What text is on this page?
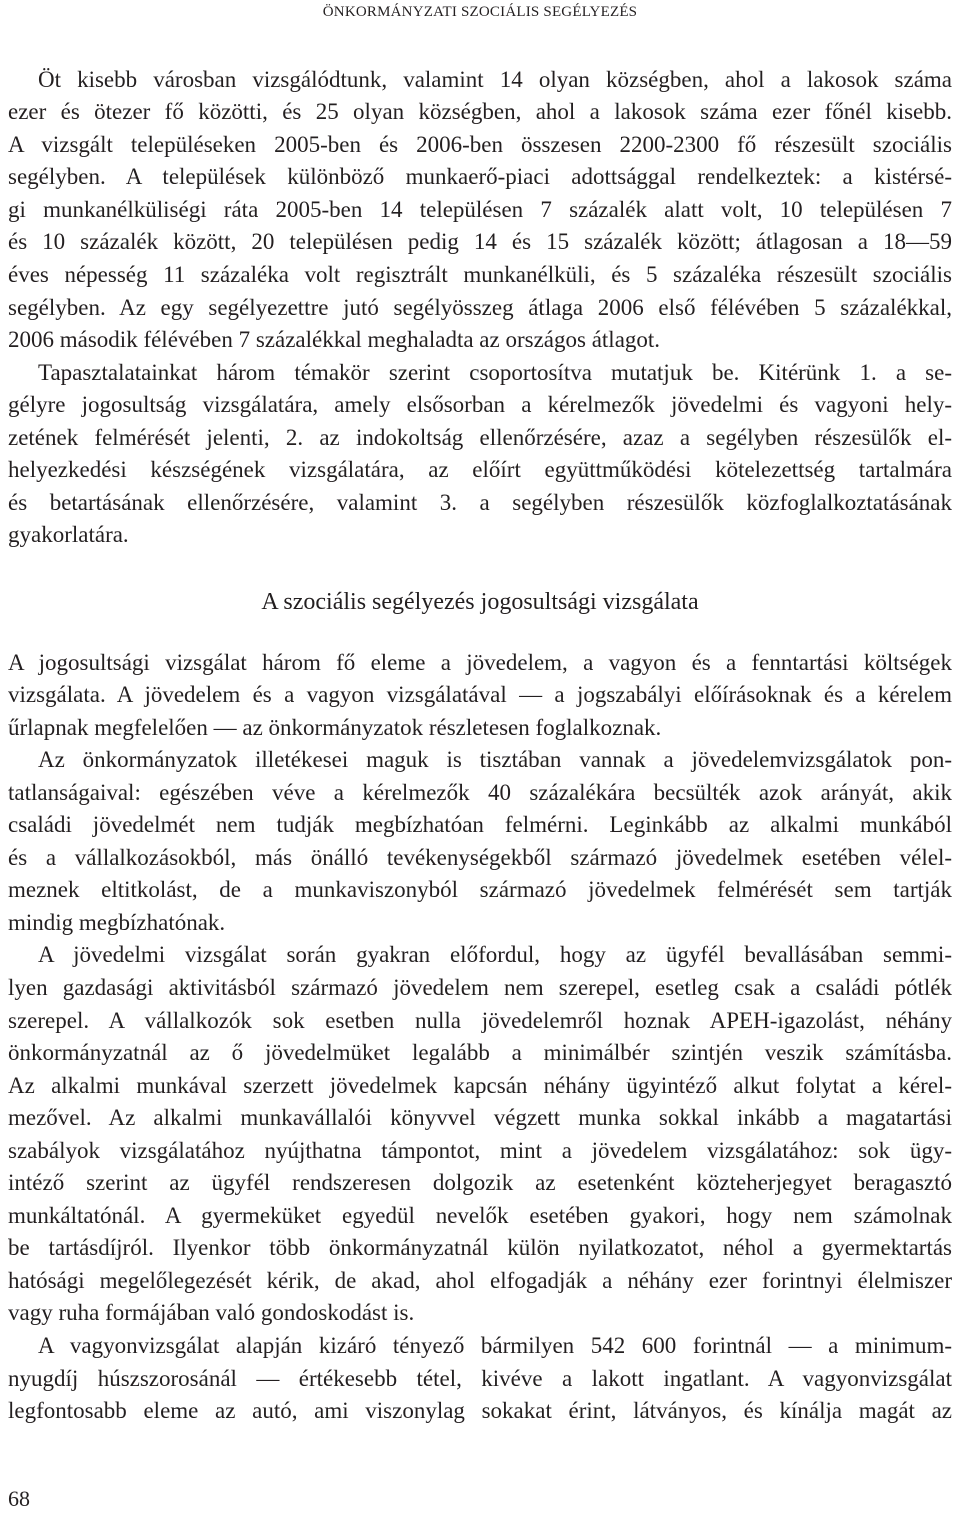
ÖNKORMÁNYZATI SZOCIÁLIS SEGÉLYEZÉS
Öt kisebb városban vizsgálódtunk, valamint 14 olyan községben, ahol a lakosok száma
ezer és ötezer fő közötti, és 25 olyan községben, ahol a lakosok száma ezer főnél kisebb.
A vizsgált településeken 2005-ben és 2006-ben összesen 2200-2300 fő részesült szociális
segélyben. A települések különböző munkaerő-piaci adottsággal rendelkeztek: a kistérsé-
gi munkanélküliségi ráta 2005-ben 14 településen 7 százalék alatt volt, 10 településen 7
és 10 százalék között, 20 településen pedig 14 és 15 százalék között; átlagosan a 18—59
éves népesség 11 százaléka volt regisztrált munkanélküli, és 5 százaléka részesült szociális
segélyben. Az egy segélyezettre jutó segélyösszeg átlaga 2006 első félévében 5 százalékkal,
2006 második félévében 7 százalékkal meghaladta az országos átlagot.
Tapasztalatainkat három témakör szerint csoportosítva mutatjuk be. Kitérünk 1. a se-
gélyre jogosultság vizsgálatára, amely elsősorban a kérelmezők jövedelmi és vagyoni hely-
zetének felmérését jelenti, 2. az indokoltság ellenőrzésére, azaz a segélyben részesülők el-
helyezkedési készségének vizsgálatára, az előírt együttműködési kötelezettség tartalmára
és betartásának ellenőrzésére, valamint 3. a segélyben részesülők közfoglalkoztatásának
gyakorlatára.
A szociális segélyezés jogosultsági vizsgálata
A jogosultsági vizsgálat három fő eleme a jövedelem, a vagyon és a fenntartási költségek
vizsgálata. A jövedelem és a vagyon vizsgálatával — a jogszabályi előírásoknak és a kérelem
űrlapnak megfelelően — az önkormányzatok részletesen foglalkoznak.
Az önkormányzatok illetékesei maguk is tisztában vannak a jövedelemvizsgálatok pon-
tatlanságaival: egészében véve a kérelmezők 40 százalékára becsülték azok arányát, akik
családi jövedelmét nem tudják megbízhatóan felmérni. Leginkább az alkalmi munkából
és a vállalkozásokból, más önálló tevékenységekből származó jövedelmek esetében vélel-
meznek eltitkolást, de a munkaviszonyból származó jövedelmek felmérését sem tartják
mindig megbízhatónak.
A jövedelmi vizsgálat során gyakran előfordul, hogy az ügyfél bevallásában semmi-
lyen gazdasági aktivitásból származó jövedelem nem szerepel, esetleg csak a családi pótlék
szerepel. A vállalkozók sok esetben nulla jövedelemről hoznak APEH-igazolást, néhány
önkormányzatnál az ő jövedelmüket legalább a minimálbér szintjén veszik számításba.
Az alkalmi munkával szerzett jövedelmek kapcsán néhány ügyintéző alkut folytat a kérel-
mezővel. Az alkalmi munkavállalói könyvvel végzett munka sokkal inkább a magatartási
szabályok vizsgálatához nyújthatna támpontot, mint a jövedelem vizsgálatához: sok ügy-
intéző szerint az ügyfél rendszeresen dolgozik az esetenként közteherjegyet beragasztó
munkáltatónál. A gyermeküket egyedül nevelők esetében gyakori, hogy nem számolnak
be tartásdíjról. Ilyenkor több önkormányzatnál külön nyilatkozatot, néhol a gyermektartás
hatósági megelőlegezését kérik, de akad, ahol elfogadják a néhány ezer forintnyi élelmiszer
vagy ruha formájában való gondoskodást is.
A vagyonvizsgálat alapján kizáró tényező bármilyen 542 600 forintnál — a minimum-
nyugdíj húszszorosánál — értékesebb tétel, kivéve a lakott ingatlant. A vagyonvizsgálat
legfontosabb eleme az autó, ami viszonylag sokakat érint, látványos, és kínálja magát az
68
